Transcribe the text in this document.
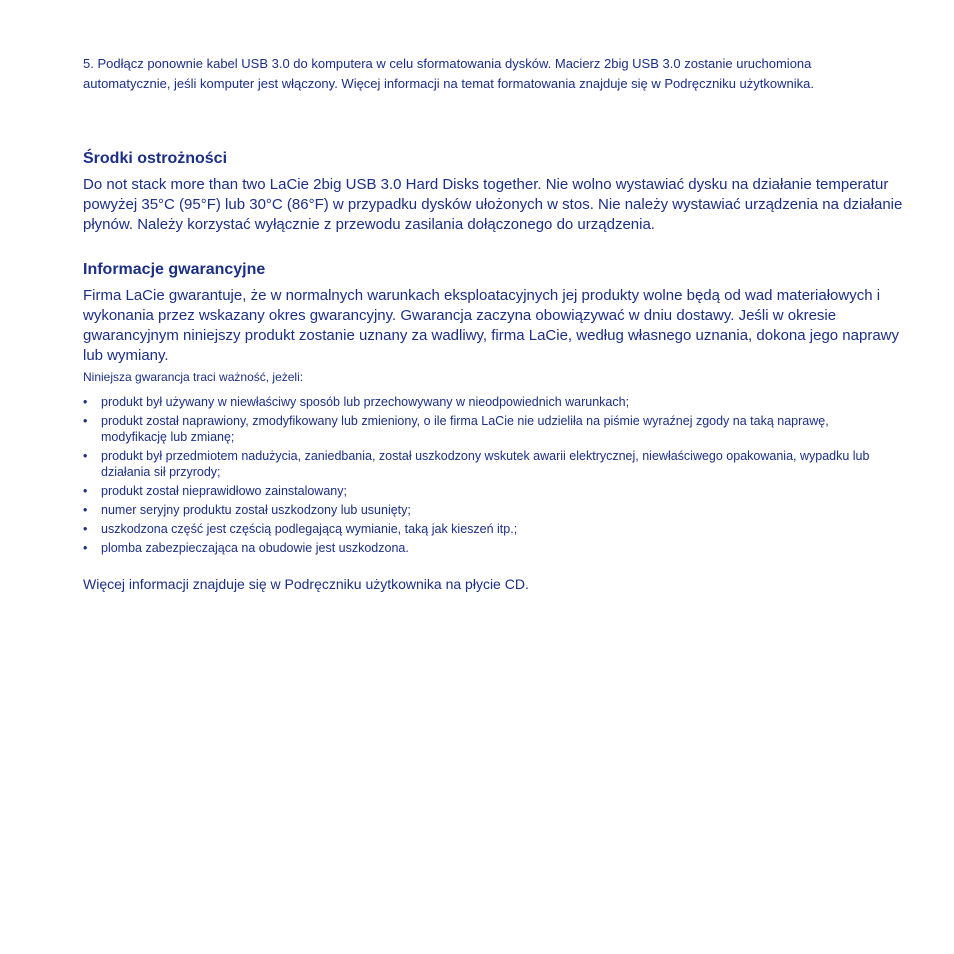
5. Podłącz ponownie kabel USB 3.0 do komputera w celu sformatowania dysków. Macierz 2big USB 3.0 zostanie uruchomiona automatycznie, jeśli komputer jest włączony. Więcej informacji na temat formatowania znajduje się w Podręczniku użytkownika.

Środki ostrożności

Do not stack more than two LaCie 2big USB 3.0 Hard Disks together. Nie wolno wystawiać dysku na działanie temperatur powyżej 35°C (95°F) lub 30°C (86°F) w przypadku dysków ułożonych w stos. Nie należy wystawiać urządzenia na działanie płynów. Należy korzystać wyłącznie z przewodu zasilania dołączonego do urządzenia.

Informacje gwarancyjne

Firma LaCie gwarantuje, że w normalnych warunkach eksploatacyjnych jej produkty wolne będą od wad materiałowych i wykonania przez wskazany okres gwarancyjny. Gwarancja zaczyna obowiązywać w dniu dostawy. Jeśli w okresie gwarancyjnym niniejszy produkt zostanie uznany za wadliwy, firma LaCie, według własnego uznania, dokona jego naprawy lub wymiany.

Niniejsza gwarancja traci ważność, jeżeli:

• produkt był używany w niewłaściwy sposób lub przechowywany w nieodpowiednich warunkach;
• produkt został naprawiony, zmodyfikowany lub zmieniony, o ile firma LaCie nie udzieliła na piśmie wyraźnej zgody na taką naprawę, modyfikację lub zmianę;
• produkt był przedmiotem nadużycia, zaniedbania, został uszkodzony wskutek awarii elektrycznej, niewłaściwego opakowania, wypadku lub działania sił przyrody;
• produkt został nieprawidłowo zainstalowany;
• numer seryjny produktu został uszkodzony lub usunięty;
• uszkodzona część jest częścią podlegającą wymianie, taką jak kieszeń itp.;
• plomba zabezpieczająca na obudowie jest uszkodzona.

Więcej informacji znajduje się w Podręczniku użytkownika na płycie CD.
